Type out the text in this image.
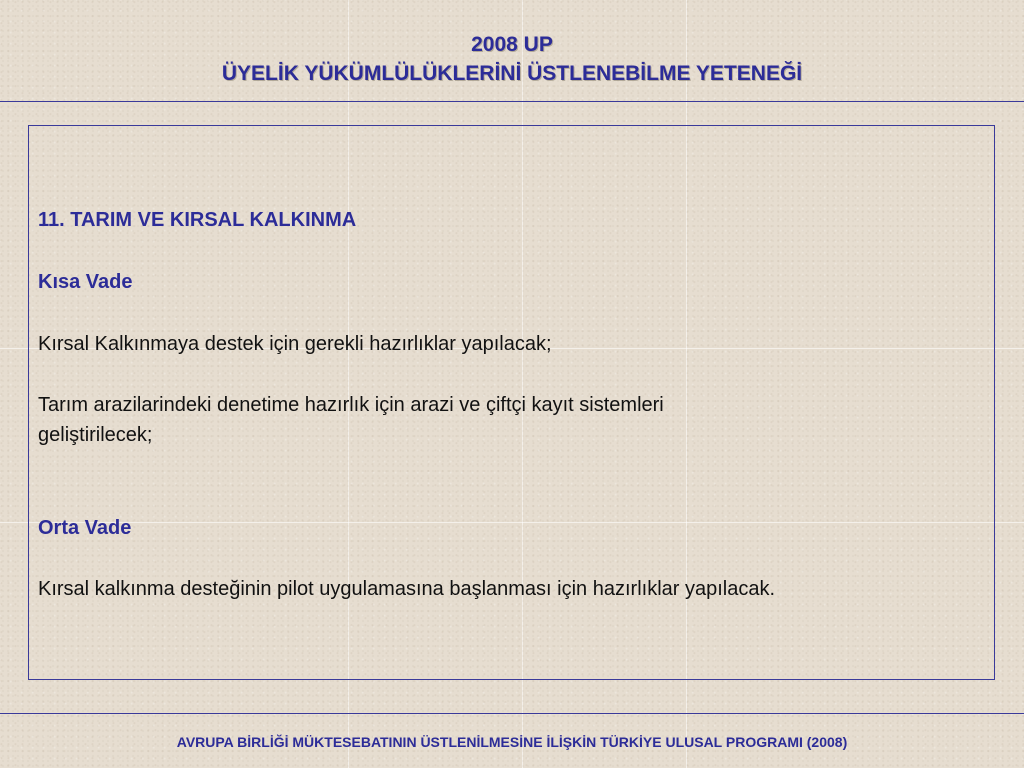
2008 UP
ÜYELİK YÜKÜMLÜLÜKLERİNİ ÜSTLENEBİLME YETENEĞİ
11. TARIM VE KIRSAL KALKINMA
Kısa Vade
Kırsal Kalkınmaya destek için gerekli hazırlıklar yapılacak;
Tarım arazilarindeki denetime hazırlık için arazi ve çiftçi kayıt sistemleri
geliştirilecek;
Orta Vade
Kırsal kalkınma desteğinin pilot uygulamasına başlanması için hazırlıklar yapılacak.
AVRUPA BİRLİĞİ MÜKTESEBATININ ÜSTLENİLMESİNE İLİŞKİN TÜRKİYE ULUSAL PROGRAMI (2008)
